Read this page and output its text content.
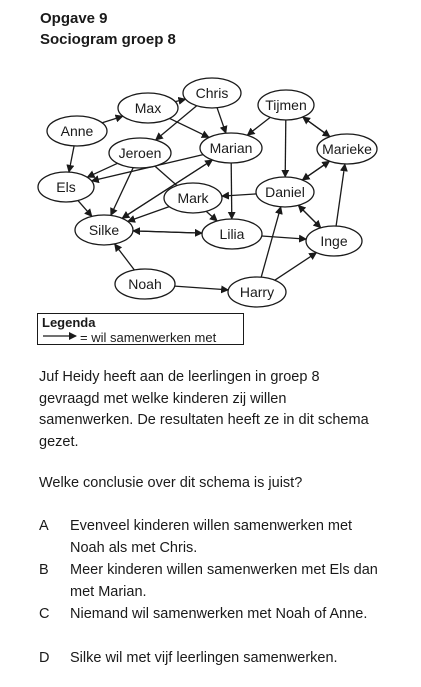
Opgave 9
Sociogram groep 8
Anne
Max
Chris
Tijmen
Jeroen	Marian	Marieke
Els
Mark	Daniel
Silke	Lilia	Inge
Noah	Harry
Legenda
= wil samenwerken met
Juf Heidy heeft aan de leerlingen in groep 8 gevraagd met welke kinderen zij willen samenwerken. De resultaten heeft ze in dit schema gezet.
Welke conclusie over dit schema is juist?
A Evenveel kinderen willen samenwerken met Noah als met Chris.
B Meer kinderen willen samenwerken met Els dan met Marian.
C Niemand wil samenwerken met Noah of Anne.
D Silke wil met vijf leerlingen samenwerken.
